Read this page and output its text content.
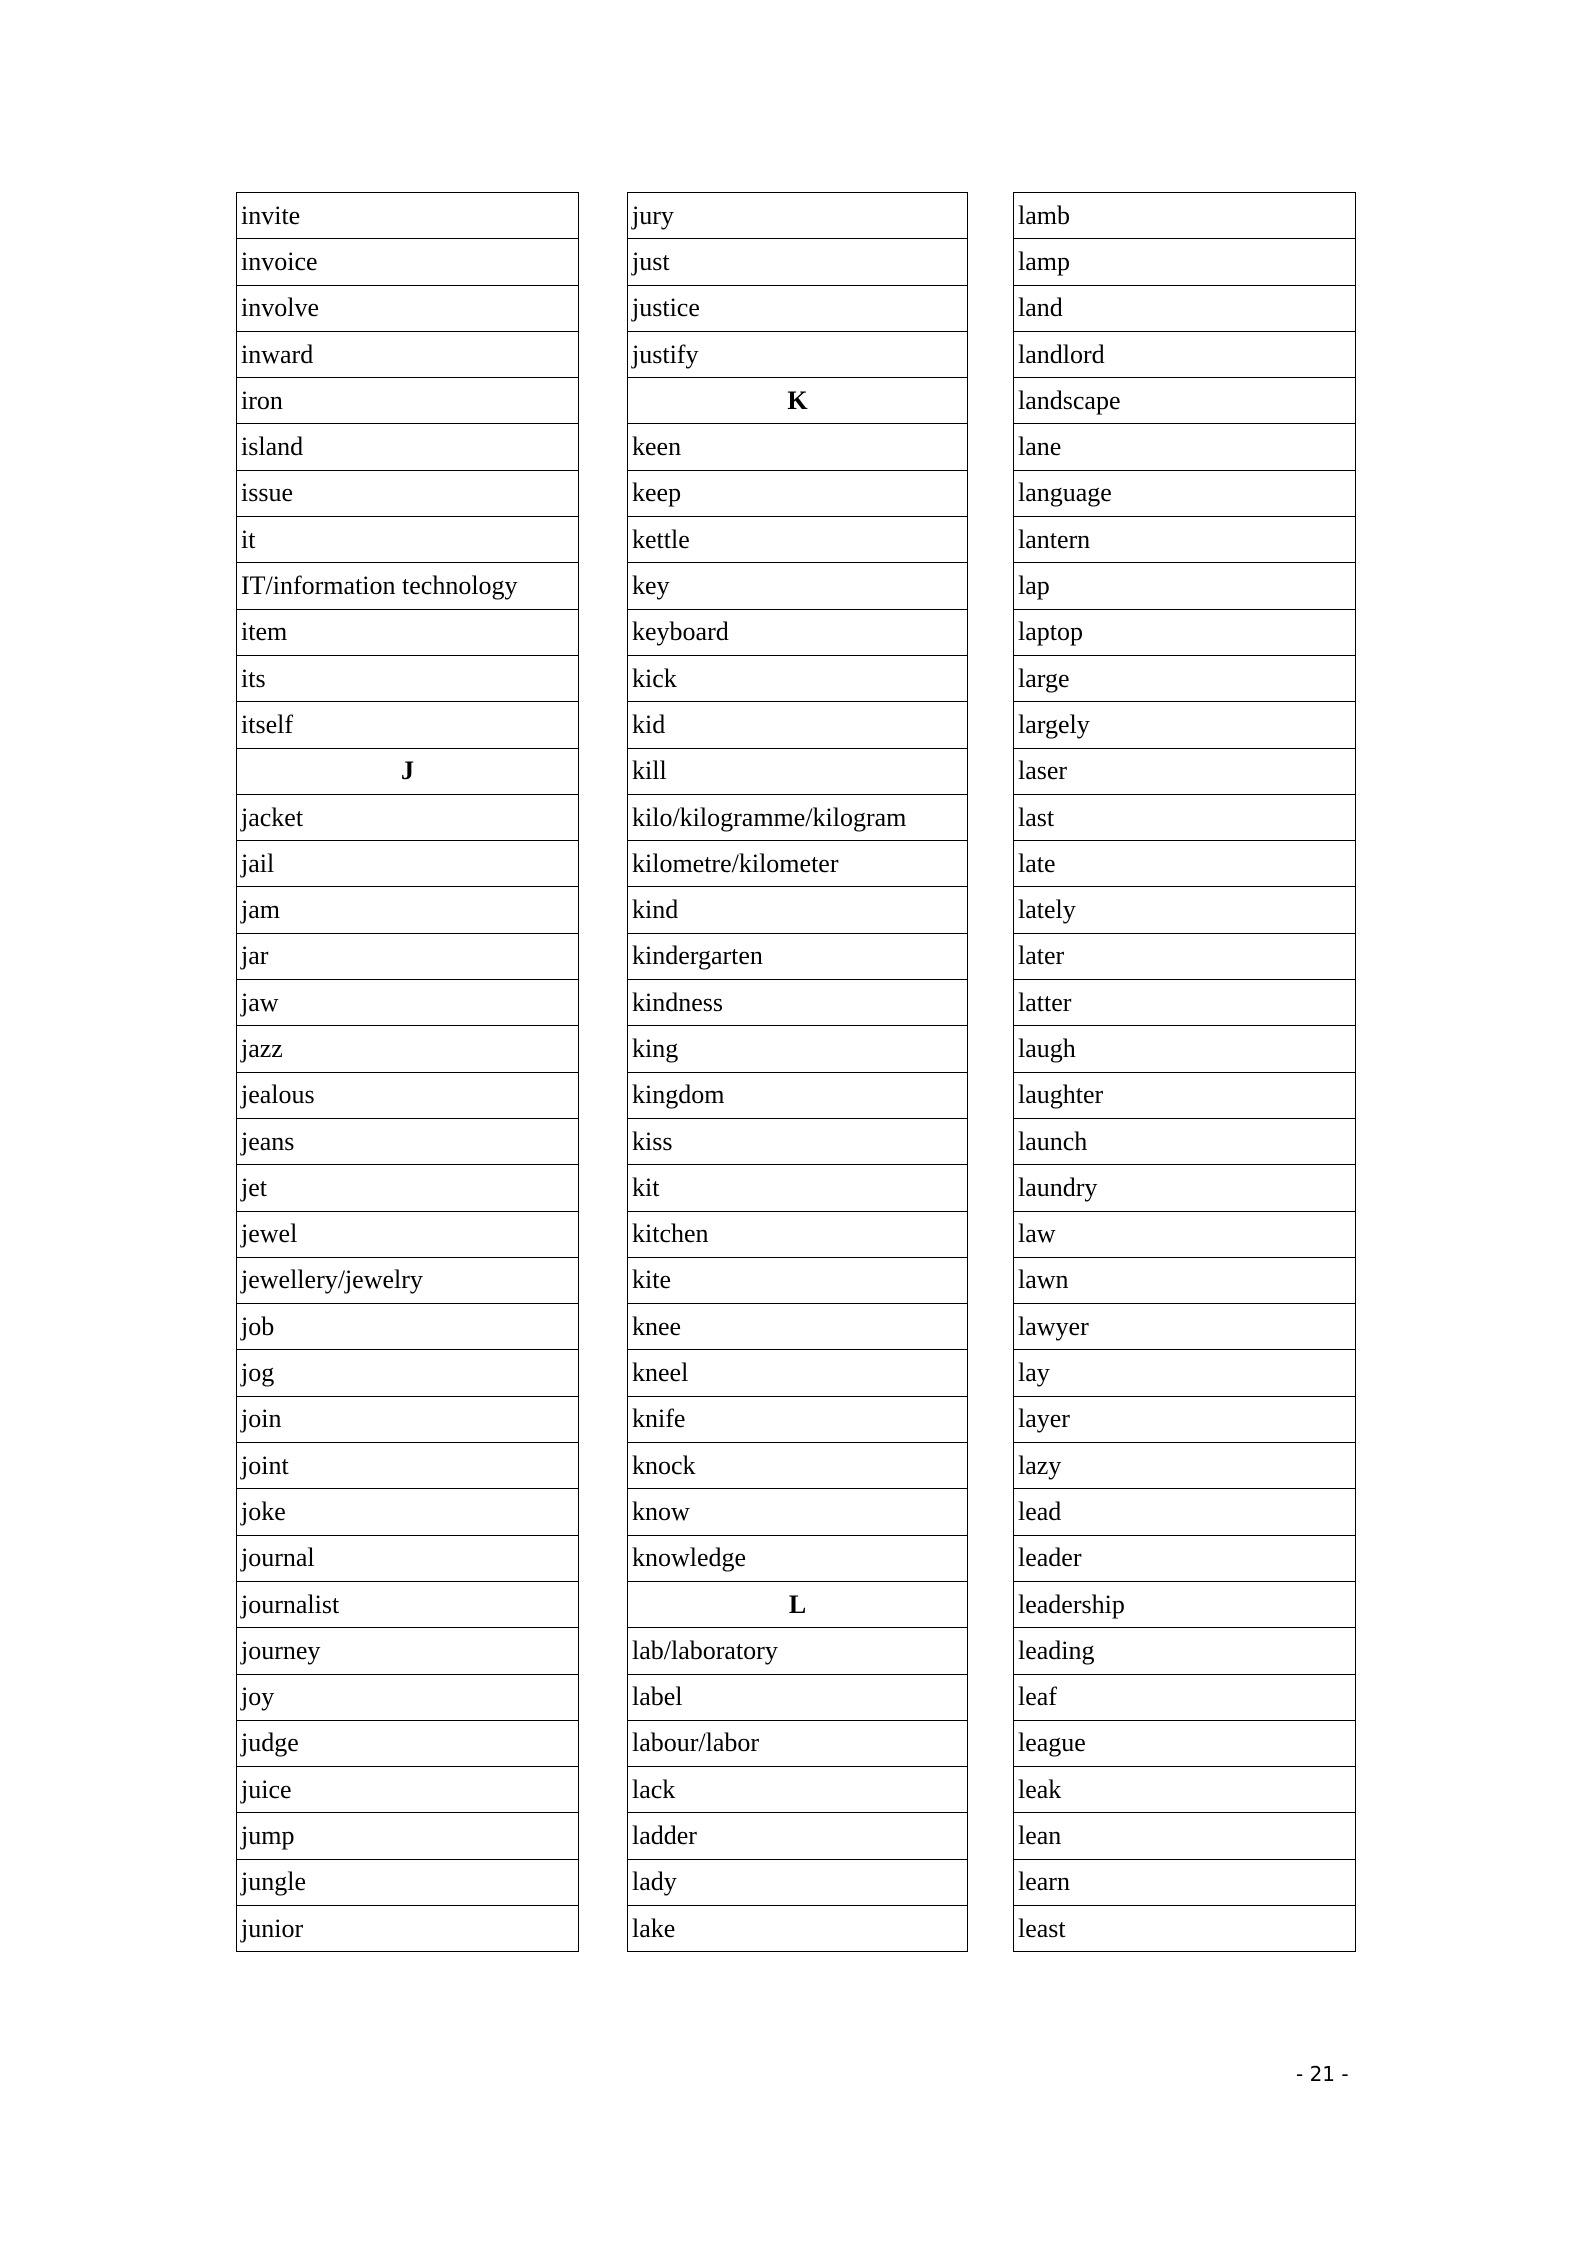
invite
invoice
involve
inward
iron
island
issue
it
IT/information technology
item
its
itself
J
jacket
jail
jam
jar
jaw
jazz
jealous
jeans
jet
jewel
jewellery/jewelry
job
jog
join
joint
joke
journal
journalist
journey
joy
judge
juice
jump
jungle
junior
jury
just
justice
justify
K
keen
keep
kettle
key
keyboard
kick
kid
kill
kilo/kilogramme/kilogram
kilometre/kilometer
kind
kindergarten
kindness
king
kingdom
kiss
kit
kitchen
kite
knee
kneel
knife
knock
know
knowledge
L
lab/laboratory
label
labour/labor
lack
ladder
lady
lake
lamb
lamp
land
landlord
landscape
lane
language
lantern
lap
laptop
large
largely
laser
last
late
lately
later
latter
laugh
laughter
launch
laundry
law
lawn
lawyer
lay
layer
lazy
lead
leader
leadership
leading
leaf
league
leak
lean
learn
least
- 21 -
